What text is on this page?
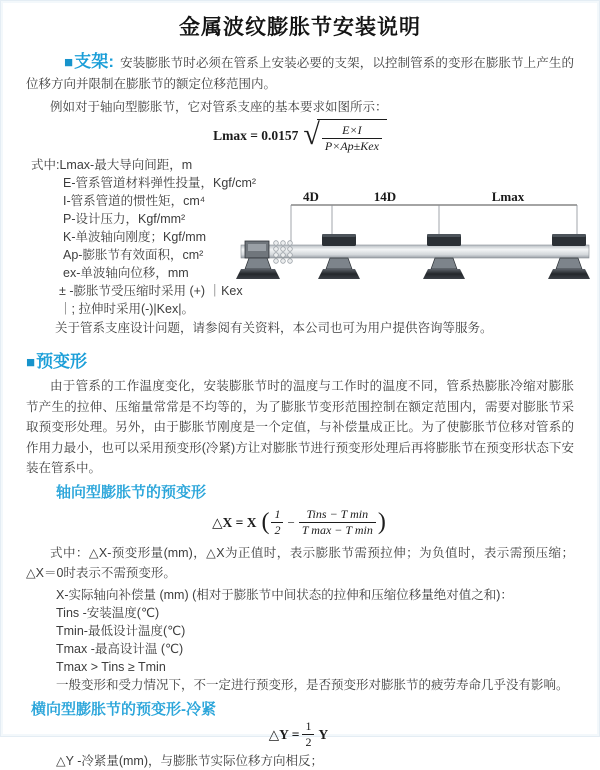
金属波纹膨胀节安装说明

■支架: 安装膨胀节时必须在管系上安装必要的支架，以控制管系的变形在膨胀节上产生的位移方向并限制在膨胀节的额定位移范围内。

例如对于轴向型膨胀节，它对管系支座的基本要求如图所示：

Lmax = 0.0157 √ $\frac{E\times I}{\text{P×Ap±Kex}}$
式中:Lmax-最大导向间距，m
E-管系管道材料弹性投量，Kgf/cm²
I-管系管道的惯性矩，cm⁴
P-设计压力，Kgf/mm²
K-单波轴向刚度；Kgf/mm
Ap-膨胀节有效面积，cm²
ex-单波轴向位移，mm
± -膨胀节受压缩时采用 (+) ｜Kex｜; 拉伸时采用(-)|Kex|。

关于管系支座设计问题，请参阅有关资料，本公司也可为用户提供咨询等服务。

4D	14D	Lmax
■预变形

由于管系的工作温度变化，安装膨胀节时的温度与工作时的温度不同，管系热膨胀冷缩对膨胀节产生的拉伸、压缩量常常是不均等的，为了膨胀节变形范围控制在额定范围内，需要对膨胀节采取预变形处理。另外，由于膨胀节刚度是一个定值，与补偿量成正比。为了使膨胀节位移对管系的作用力最小，也可以采用预变形(冷紧)方让对膨胀节进行预变形处理后再将膨胀节在预变形状态下安装在管系中。

轴向型膨胀节的预变形
△X = X ( $\frac{1}{2} - \frac{\text{Tins − T min}}{\text{T max − T min}}$ )

式中：△X-预变形量(mm)，△X为正值时，表示膨胀节需预拉伸；为负值时，表示需预压缩；△X＝0时表示不需预变形。

X-实际轴向补偿量 (mm) (相对于膨胀节中间状态的拉伸和压缩位移量绝对值之和)：
Tins -安装温度(℃)
Tmin-最低设计温度(℃)
Tmax -最高设计温 (℃)
Tmax > Tins ≥ Tmin

一般变形和受力情况下，不一定进行预变形，是否预变形对膨胀节的疲劳寿命几乎没有影响。

横向型膨胀节的预变形-冷紧
△Y = $\frac{1}{2}$ Y

△Y -冷紧量(mm)，与膨胀节实际位移方向相反；
